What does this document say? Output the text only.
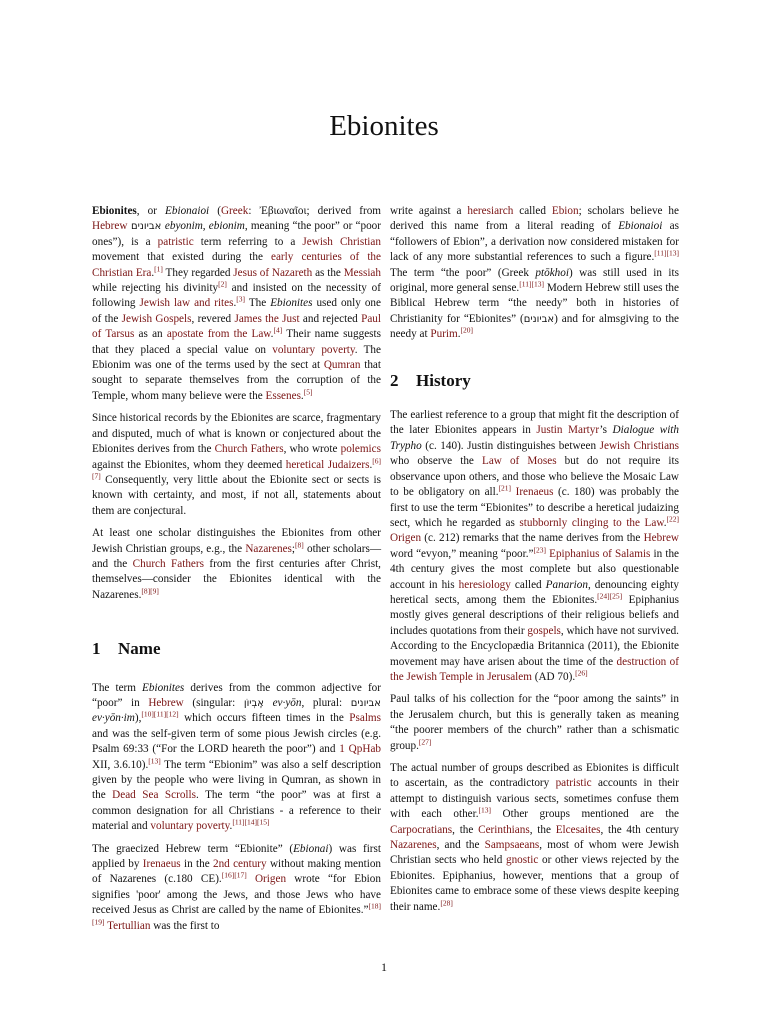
Ebionites

Ebionites, or Ebionaioi (Greek: Ἐβιωναῖοι; derived from Hebrew אביונים ebyonim, ebionim, meaning “the poor” or “poor ones”), is a patristic term referring to a Jewish Christian movement that existed during the early centuries of the Christian Era.[1] They regarded Jesus of Nazareth as the Messiah while rejecting his divinity[2] and insisted on the necessity of following Jewish law and rites.[3] The Ebionites used only one of the Jewish Gospels, revered James the Just and rejected Paul of Tarsus as an apostate from the Law.[4] Their name suggests that they placed a special value on voluntary poverty. The Ebionim was one of the terms used by the sect at Qumran that sought to separate themselves from the corruption of the Temple, whom many believe were the Essenes.[5]

Since historical records by the Ebionites are scarce, fragmentary and disputed, much of what is known or conjectured about the Ebionites derives from the Church Fathers, who wrote polemics against the Ebionites, whom they deemed heretical Judaizers.[6][7] Consequently, very little about the Ebionite sect or sects is known with certainty, and most, if not all, statements about them are conjectural.

At least one scholar distinguishes the Ebionites from other Jewish Christian groups, e.g., the Nazarenes;[8] other scholars—and the Church Fathers from the first centuries after Christ, themselves—consider the Ebionites identical with the Nazarenes.[8][9]

1 Name

The term Ebionites derives from the common adjective for “poor” in Hebrew (singular: אֶבְיוֹן ev·yōn, plural: אביונים ev·yōn·im),[10][11][12] which occurs fifteen times in the Psalms and was the self-given term of some pious Jewish circles (e.g. Psalm 69:33 (“For the LORD heareth the poor”) and 1 QpHab XII, 3.6.10).[13] The term “Ebionim” was also a self description given by the people who were living in Qumran, as shown in the Dead Sea Scrolls. The term “the poor” was at first a common designation for all Christians - a reference to their material and voluntary poverty.[11][14][15]

The graecized Hebrew term “Ebionite” (Ebionai) was first applied by Irenaeus in the 2nd century without making mention of Nazarenes (c.180 CE).[16][17] Origen wrote “for Ebion signifies 'poor' among the Jews, and those Jews who have received Jesus as Christ are called by the name of Ebionites.”[18][19] Tertullian was the first to

write against a heresiarch called Ebion; scholars believe he derived this name from a literal reading of Ebionaioi as “followers of Ebion”, a derivation now considered mistaken for lack of any more substantial references to such a figure.[11][13] The term “the poor” (Greek ptōkhoi) was still used in its original, more general sense.[11][13] Modern Hebrew still uses the Biblical Hebrew term “the needy” both in histories of Christianity for “Ebionites” (אביונים) and for almsgiving to the needy at Purim.[20]

2 History

The earliest reference to a group that might fit the description of the later Ebionites appears in Justin Martyr’s Dialogue with Trypho (c. 140). Justin distinguishes between Jewish Christians who observe the Law of Moses but do not require its observance upon others, and those who believe the Mosaic Law to be obligatory on all.[21] Irenaeus (c. 180) was probably the first to use the term “Ebionites” to describe a heretical judaizing sect, which he regarded as stubbornly clinging to the Law.[22] Origen (c. 212) remarks that the name derives from the Hebrew word “evyon,” meaning “poor.”[23] Epiphanius of Salamis in the 4th century gives the most complete but also questionable account in his heresiology called Panarion, denouncing eighty heretical sects, among them the Ebionites.[24][25] Epiphanius mostly gives general descriptions of their religious beliefs and includes quotations from their gospels, which have not survived. According to the Encyclopædia Britannica (2011), the Ebionite movement may have arisen about the time of the destruction of the Jewish Temple in Jerusalem (AD 70).[26]

Paul talks of his collection for the “poor among the saints” in the Jerusalem church, but this is generally taken as meaning “the poorer members of the church” rather than a schismatic group.[27]

The actual number of groups described as Ebionites is difficult to ascertain, as the contradictory patristic accounts in their attempt to distinguish various sects, sometimes confuse them with each other.[13] Other groups mentioned are the Carpocratians, the Cerinthians, the Elcesaites, the 4th century Nazarenes, and the Sampsaeans, most of whom were Jewish Christian sects who held gnostic or other views rejected by the Ebionites. Epiphanius, however, mentions that a group of Ebionites came to embrace some of these views despite keeping their name.[28]

1
